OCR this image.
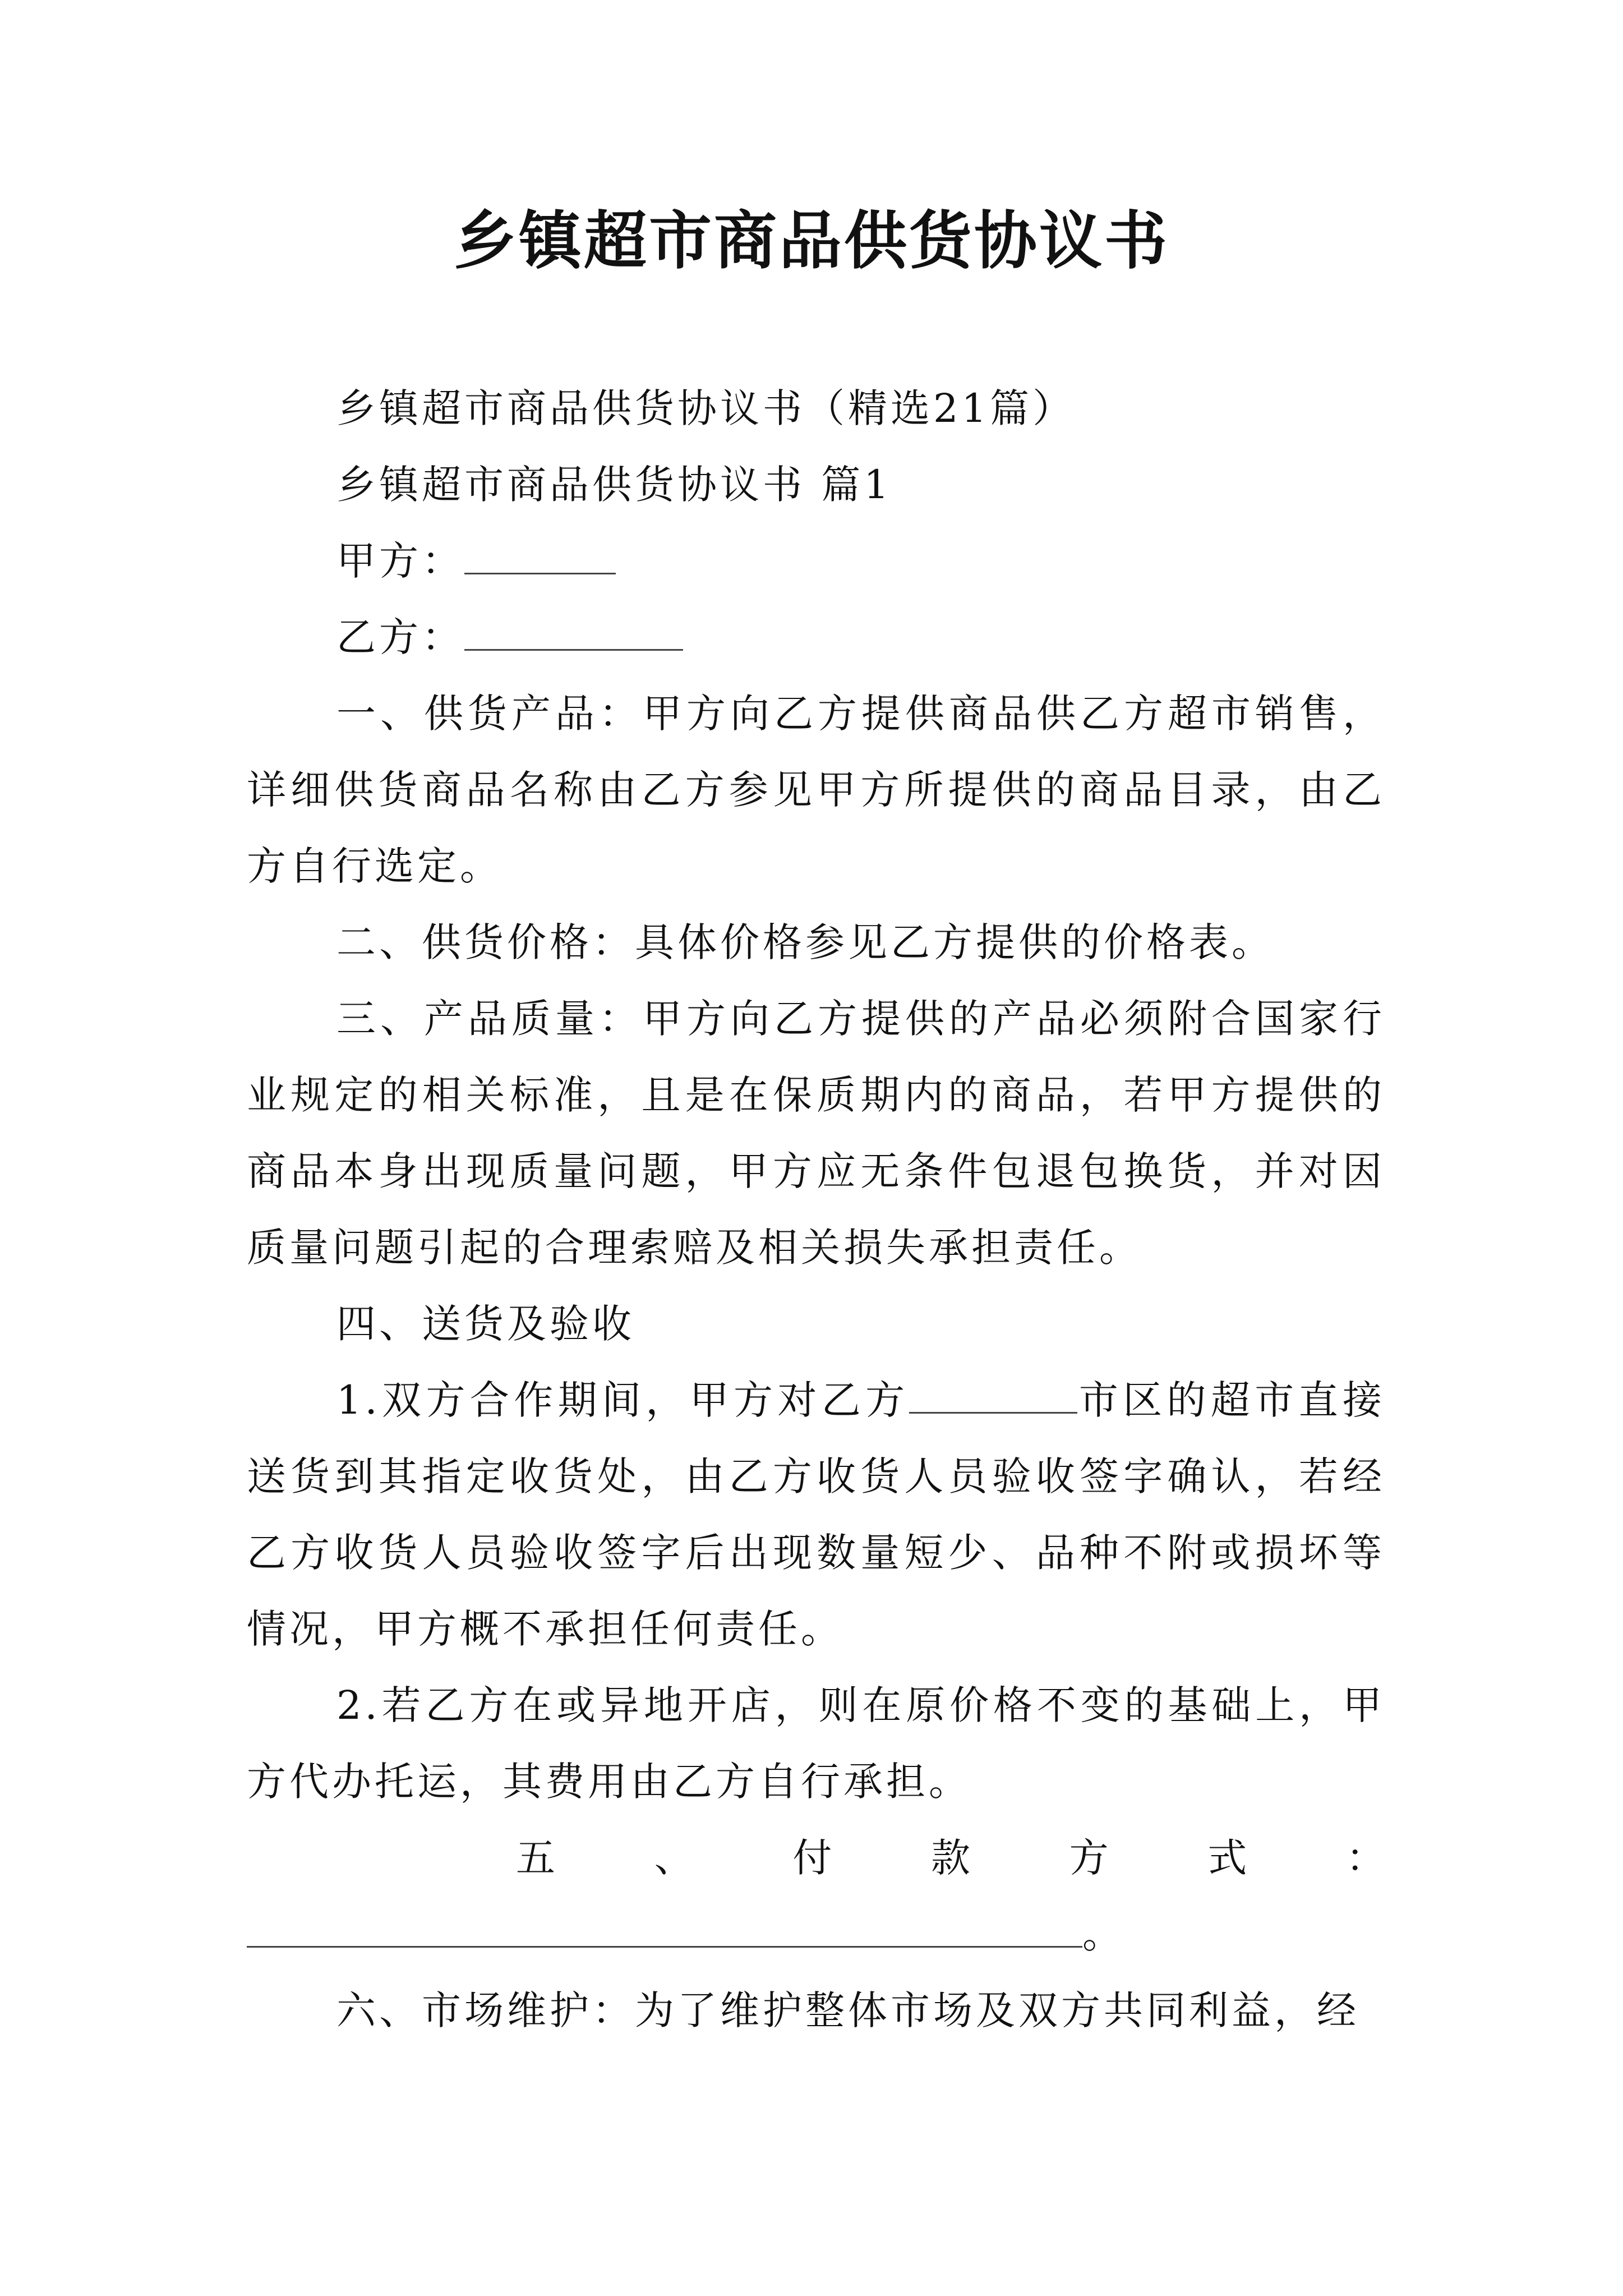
乡镇超市商品供货协议书

乡镇超市商品供货协议书（精选21篇）

乡镇超市商品供货协议书 篇1

甲方：

乙方：

一、供货产品：甲方向乙方提供商品供乙方超市销售，详细供货商品名称由乙方参见甲方所提供的商品目录，由乙方自行选定。

二、供货价格：具体价格参见乙方提供的价格表。

三、产品质量：甲方向乙方提供的产品必须附合国家行业规定的相关标准，且是在保质期内的商品，若甲方提供的商品本身出现质量问题，甲方应无条件包退包换货，并对因质量问题引起的合理索赔及相关损失承担责任。

四、送货及验收

1.双方合作期间，甲方对乙方	市区的超市直接送货到其指定收货处，由乙方收货人员验收签字确认，若经乙方收货人员验收签字后出现数量短少、品种不附或损坏等情况，甲方概不承担任何责任。

2.若乙方在或异地开店，则在原价格不变的基础上，甲方代办托运，其费用由乙方自行承担。

五、付款方式：

。

六、市场维护：为了维护整体市场及双方共同利益，经
